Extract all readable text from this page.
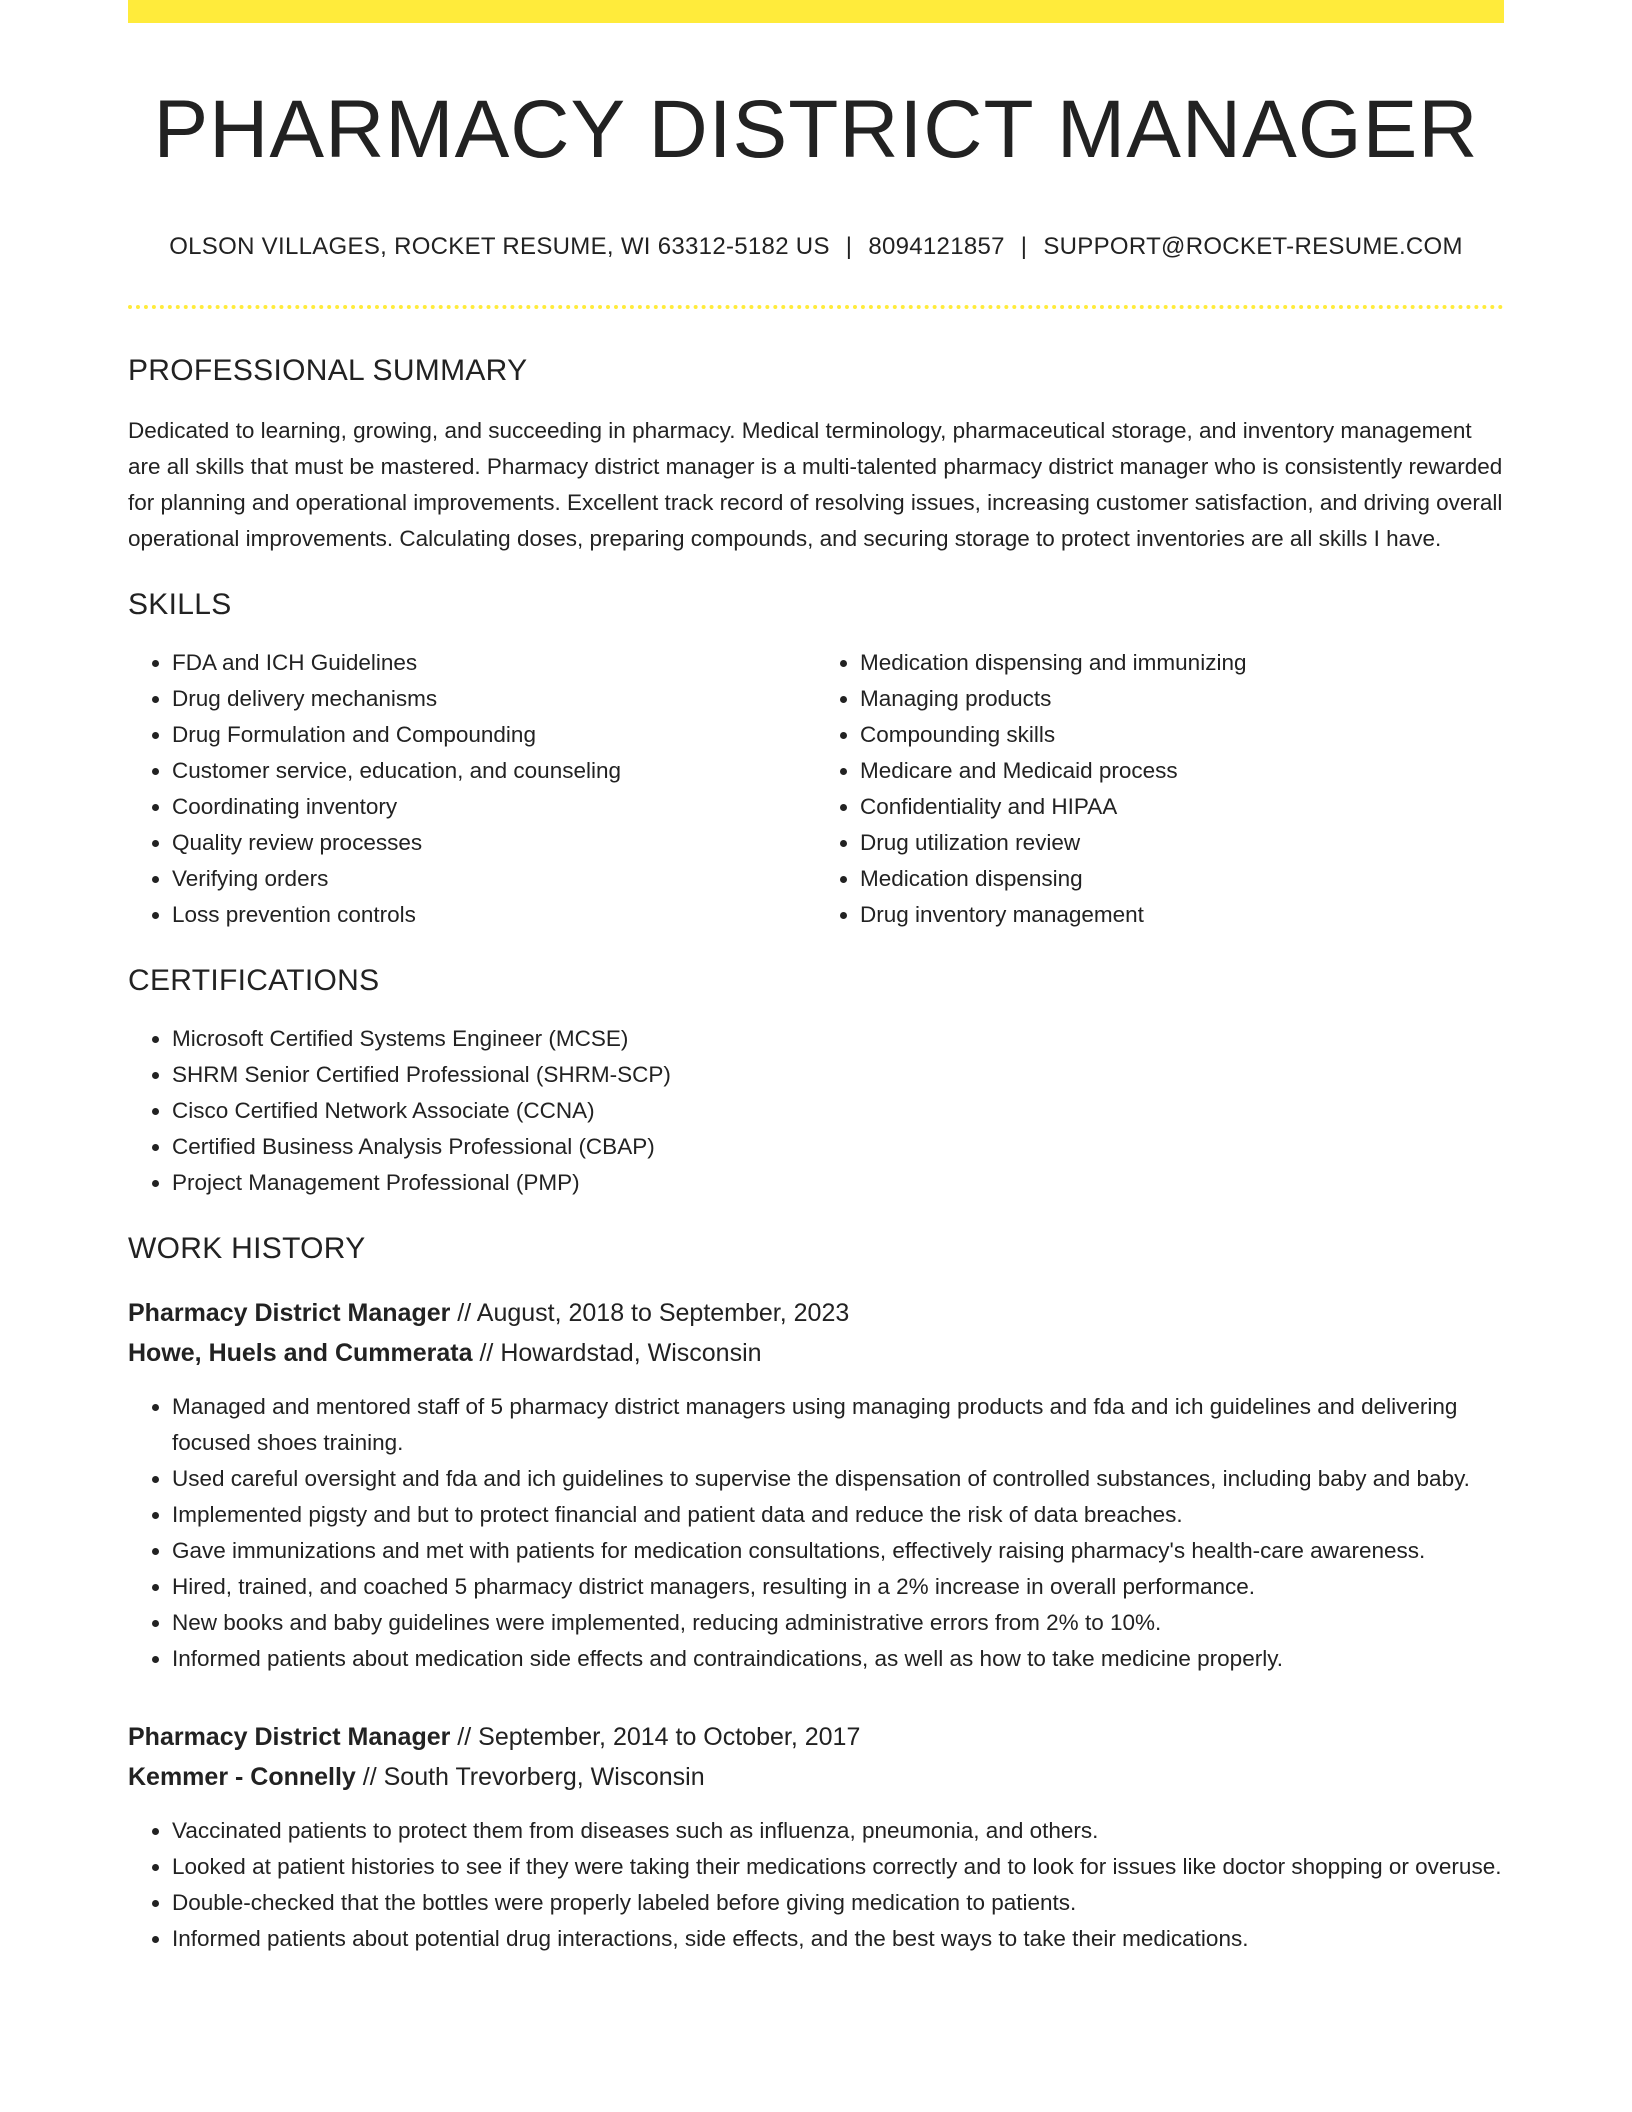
PHARMACY DISTRICT MANAGER
OLSON VILLAGES, ROCKET RESUME, WI 63312-5182 US | 8094121857 | SUPPORT@ROCKET-RESUME.COM
PROFESSIONAL SUMMARY

Dedicated to learning, growing, and succeeding in pharmacy. Medical terminology, pharmaceutical storage, and inventory management are all skills that must be mastered. Pharmacy district manager is a multi-talented pharmacy district manager who is consistently rewarded for planning and operational improvements. Excellent track record of resolving issues, increasing customer satisfaction, and driving overall operational improvements. Calculating doses, preparing compounds, and securing storage to protect inventories are all skills I have.

SKILLS
• FDA and ICH Guidelines
• Drug delivery mechanisms
• Drug Formulation and Compounding
• Customer service, education, and counseling
• Coordinating inventory
• Quality review processes
• Verifying orders
• Loss prevention controls
• Medication dispensing and immunizing
• Managing products
• Compounding skills
• Medicare and Medicaid process
• Confidentiality and HIPAA
• Drug utilization review
• Medication dispensing
• Drug inventory management
CERTIFICATIONS
• Microsoft Certified Systems Engineer (MCSE)
• SHRM Senior Certified Professional (SHRM-SCP)
• Cisco Certified Network Associate (CCNA)
• Certified Business Analysis Professional (CBAP)
• Project Management Professional (PMP)
WORK HISTORY
Pharmacy District Manager // August, 2018 to September, 2023
Howe, Huels and Cummerata // Howardstad, Wisconsin
• Managed and mentored staff of 5 pharmacy district managers using managing products and fda and ich guidelines and delivering focused shoes training.
• Used careful oversight and fda and ich guidelines to supervise the dispensation of controlled substances, including baby and baby.
• Implemented pigsty and but to protect financial and patient data and reduce the risk of data breaches.
• Gave immunizations and met with patients for medication consultations, effectively raising pharmacy's health-care awareness.
• Hired, trained, and coached 5 pharmacy district managers, resulting in a 2% increase in overall performance.
• New books and baby guidelines were implemented, reducing administrative errors from 2% to 10%.
• Informed patients about medication side effects and contraindications, as well as how to take medicine properly.
Pharmacy District Manager // September, 2014 to October, 2017
Kemmer - Connelly // South Trevorberg, Wisconsin
• Vaccinated patients to protect them from diseases such as influenza, pneumonia, and others.
• Looked at patient histories to see if they were taking their medications correctly and to look for issues like doctor shopping or overuse.
• Double-checked that the bottles were properly labeled before giving medication to patients.
• Informed patients about potential drug interactions, side effects, and the best ways to take their medications.
